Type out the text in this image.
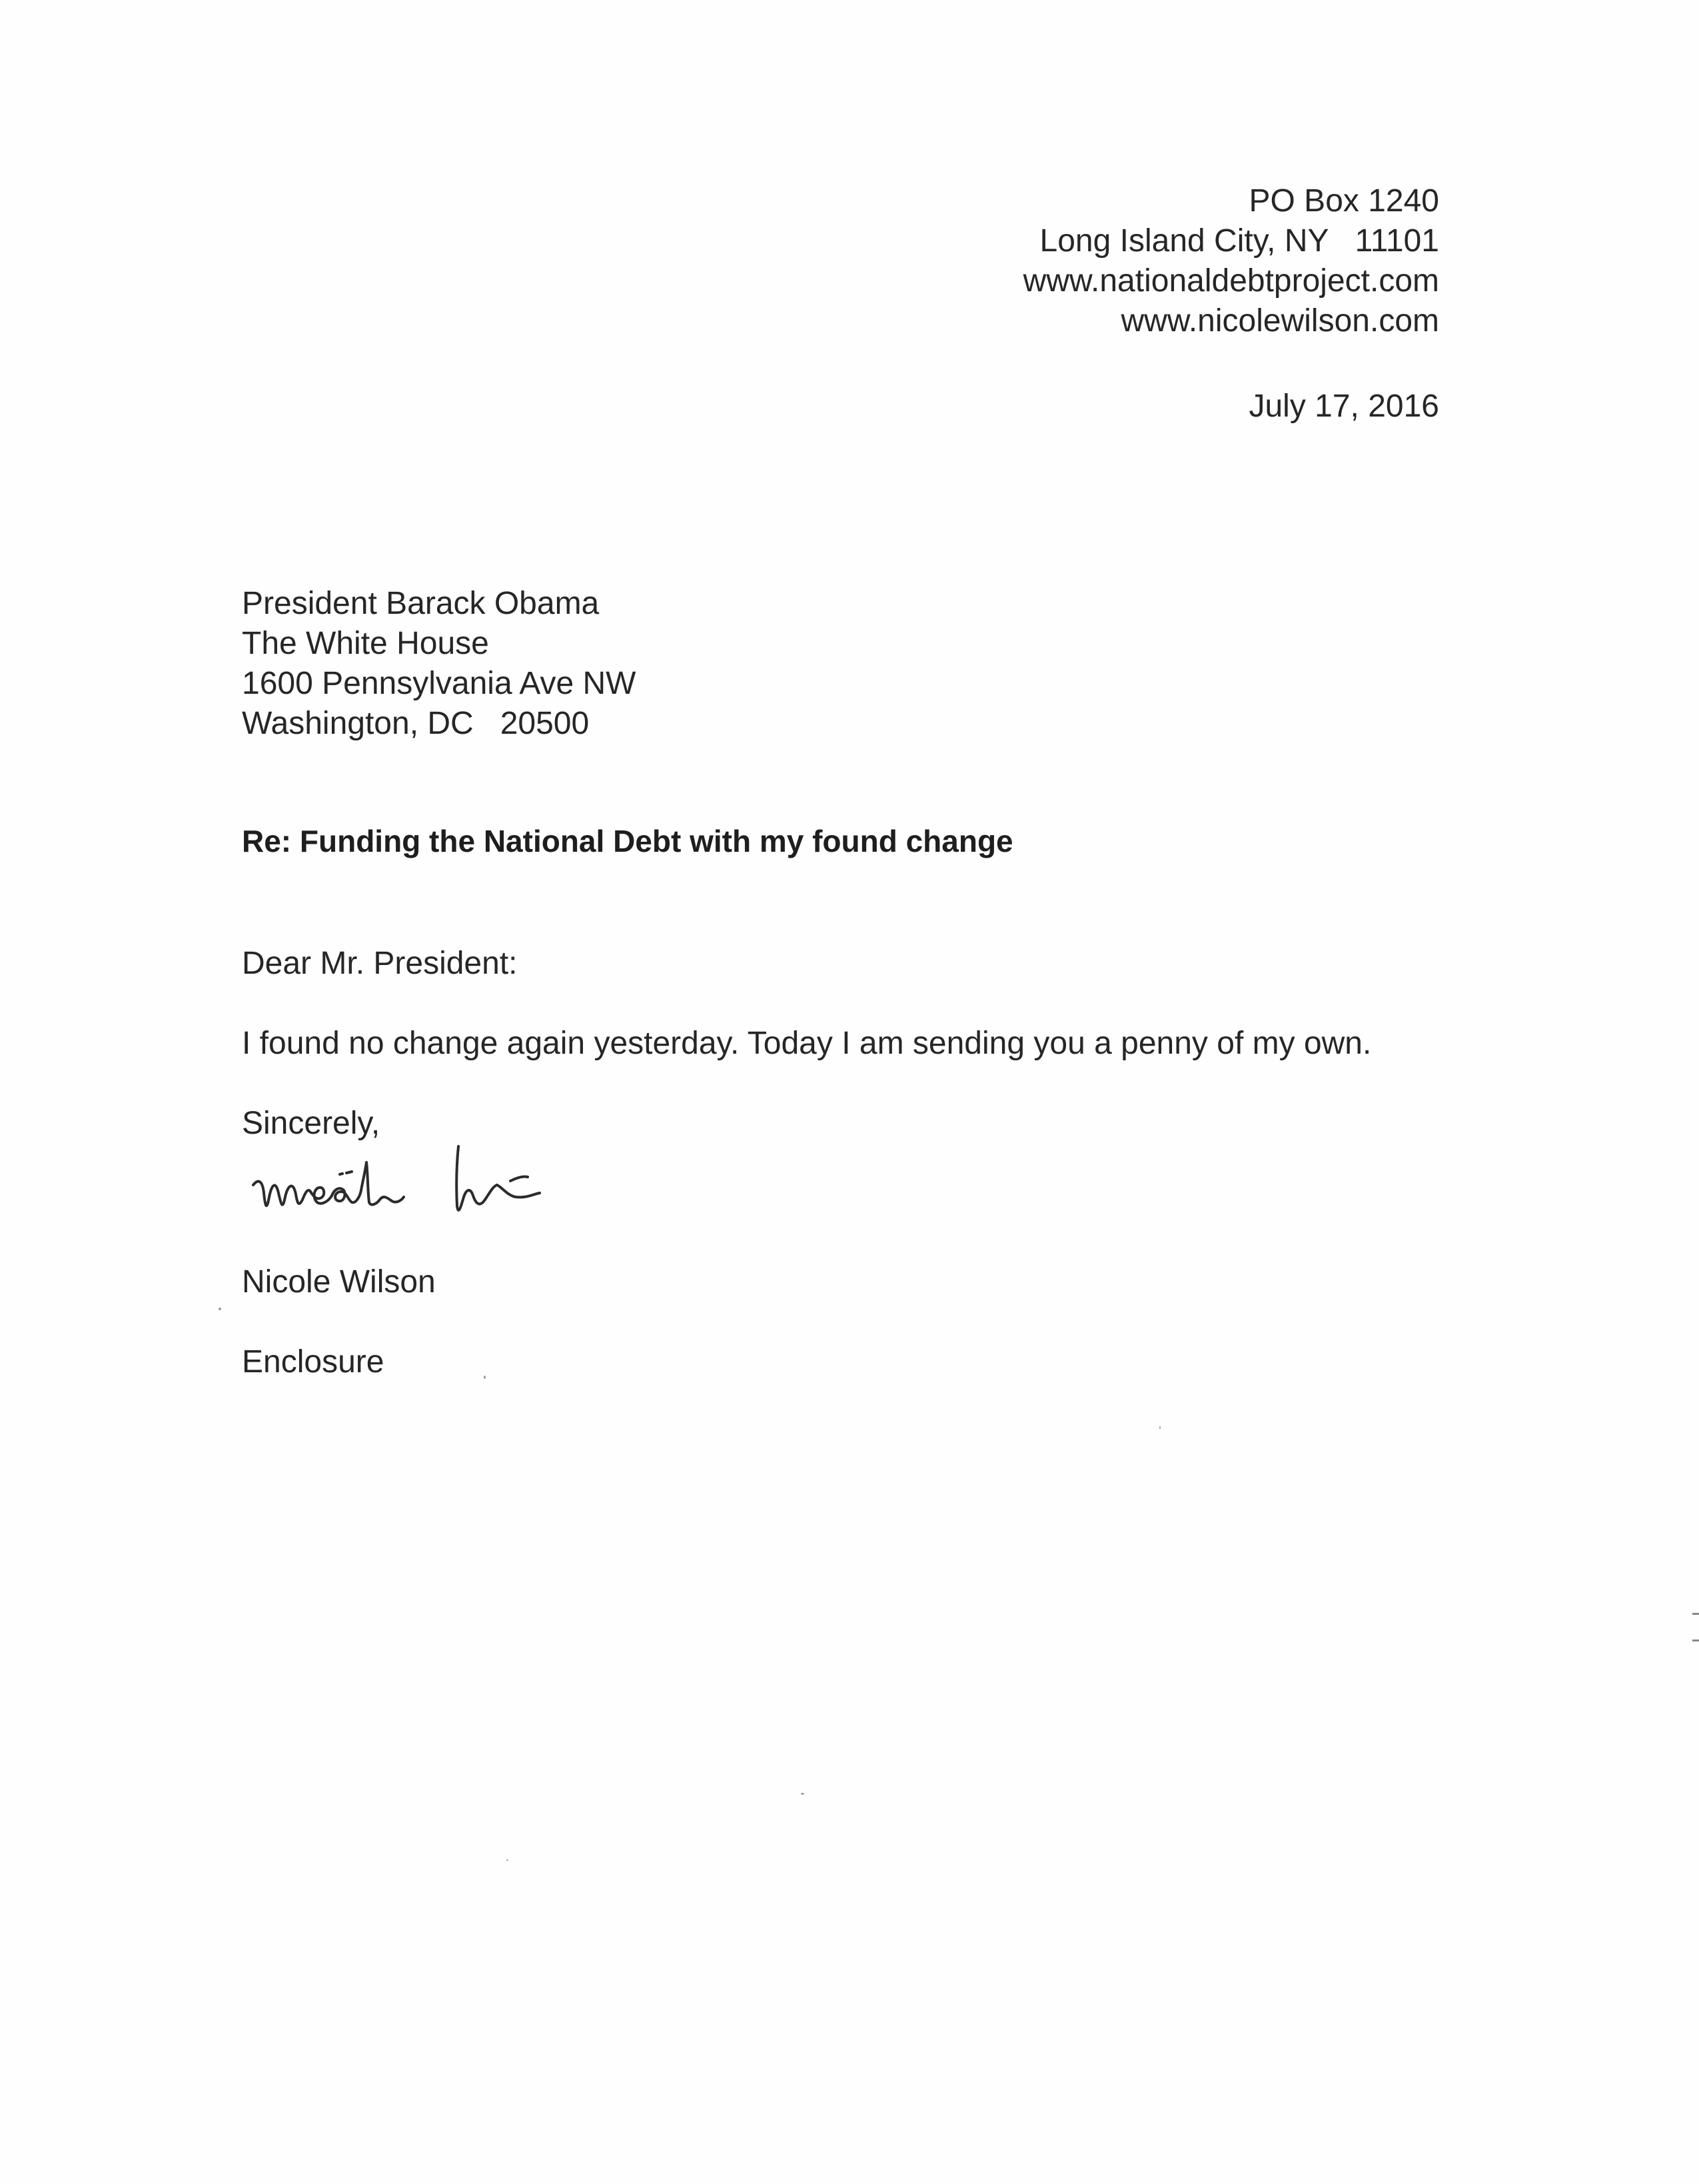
PO Box 1240
Long Island City, NY   11101
www.nationaldebtproject.com
www.nicolewilson.com
July 17, 2016
President Barack Obama
The White House
1600 Pennsylvania Ave NW
Washington, DC   20500
Re: Funding the National Debt with my found change
Dear Mr. President:
I found no change again yesterday. Today I am sending you a penny of my own.
Sincerely,
Nicole Wilson
Enclosure
